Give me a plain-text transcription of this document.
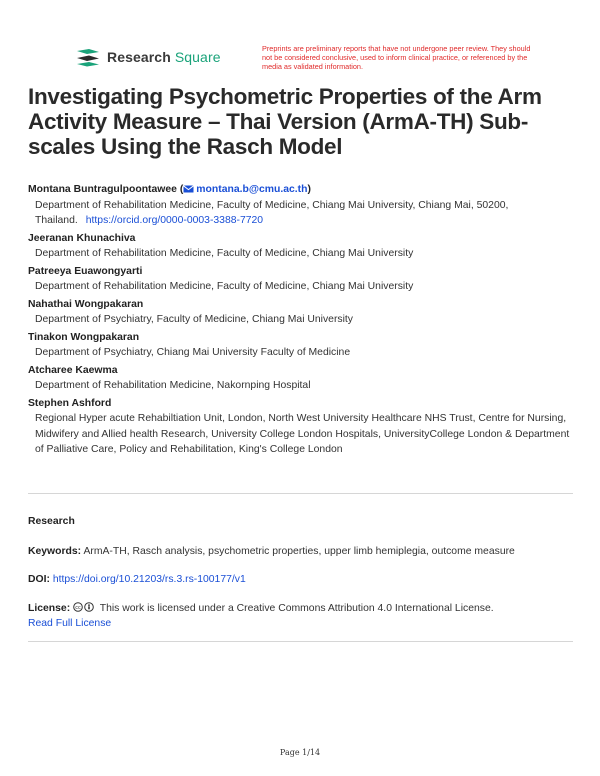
Research Square
Preprints are preliminary reports that have not undergone peer review. They should not be considered conclusive, used to inform clinical practice, or referenced by the media as validated information.
Investigating Psychometric Properties of the Arm Activity Measure – Thai Version (ArmA-TH) Sub-scales Using the Rasch Model
Montana Buntragulpoontawee ( montana.b@cmu.ac.th)
Department of Rehabilitation Medicine, Faculty of Medicine, Chiang Mai University, Chiang Mai, 50200, Thailand. https://orcid.org/0000-0003-3388-7720
Jeeranan Khunachiva
Department of Rehabilitation Medicine, Faculty of Medicine, Chiang Mai University
Patreeya Euawongyarti
Department of Rehabilitation Medicine, Faculty of Medicine, Chiang Mai University
Nahathai Wongpakaran
Department of Psychiatry, Faculty of Medicine, Chiang Mai University
Tinakon Wongpakaran
Department of Psychiatry, Chiang Mai University Faculty of Medicine
Atcharee Kaewma
Department of Rehabilitation Medicine, Nakornping Hospital
Stephen Ashford
Regional Hyper acute Rehabiltiation Unit, London, North West University Healthcare NHS Trust, Centre for Nursing, Midwifery and Allied health Research, University College London Hospitals, UniversityCollege London & Department of Palliative Care, Policy and Rehabilitation, King's College London
Research
Keywords: ArmA-TH, Rasch analysis, psychometric properties, upper limb hemiplegia, outcome measure
DOI: https://doi.org/10.21203/rs.3.rs-100177/v1
License: cc This work is licensed under a Creative Commons Attribution 4.0 International License.
Read Full License
Page 1/14
